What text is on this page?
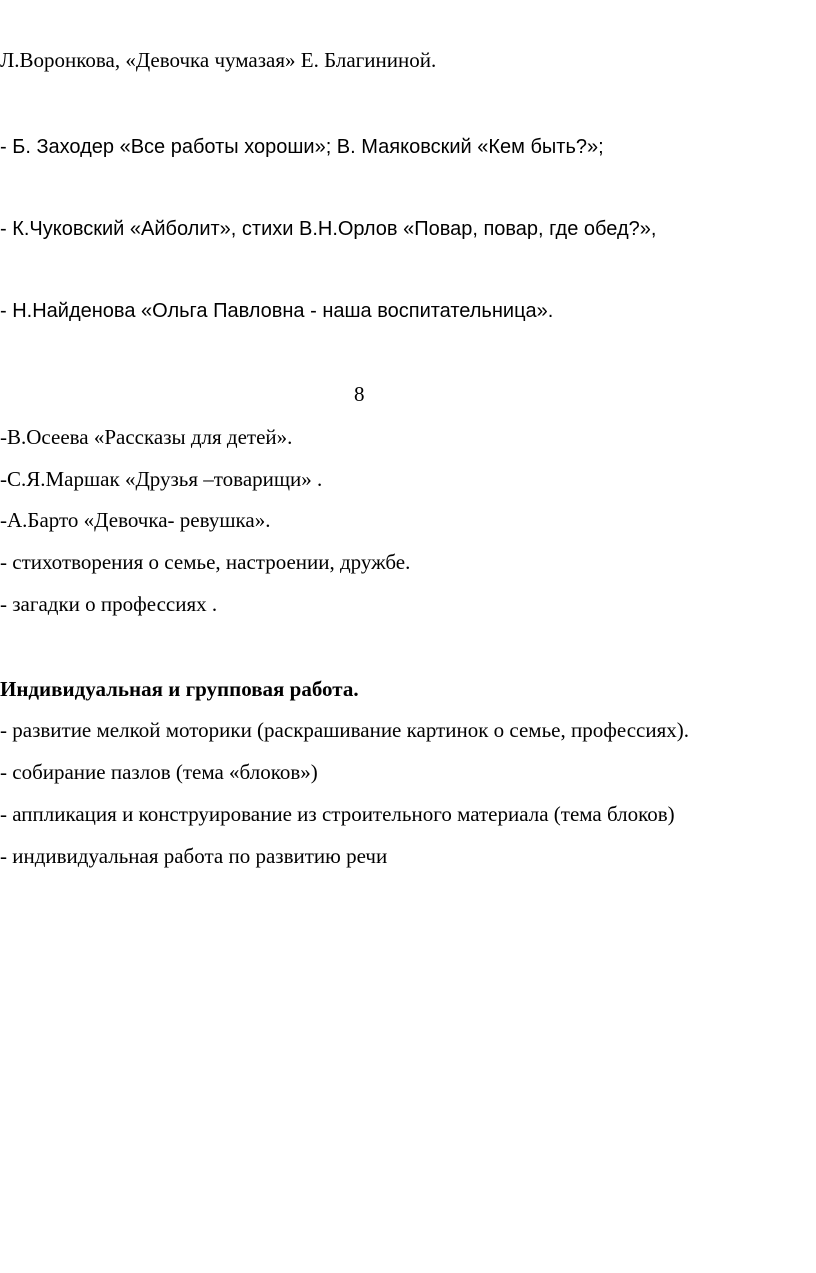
Л.Воронкова, «Девочка чумазая» Е. Благининой.
- Б. Заходер «Все работы хороши»; В. Маяковский «Кем быть?»;
- К.Чуковский «Айболит», стихи В.Н.Орлов «Повар, повар, где обед?»,
- Н.Найденова «Ольга Павловна - наша воспитательница».
8
-В.Осеева «Рассказы для детей».
-С.Я.Маршак «Друзья –товарищи» .
-А.Барто «Девочка- ревушка».
- стихотворения о семье, настроении, дружбе.
- загадки о профессиях .
Индивидуальная и групповая работа.
- развитие мелкой моторики (раскрашивание картинок о семье, профессиях).
- собирание пазлов (тема «блоков»)
- аппликация и конструирование из строительного материала (тема блоков)
- индивидуальная работа по развитию речи
